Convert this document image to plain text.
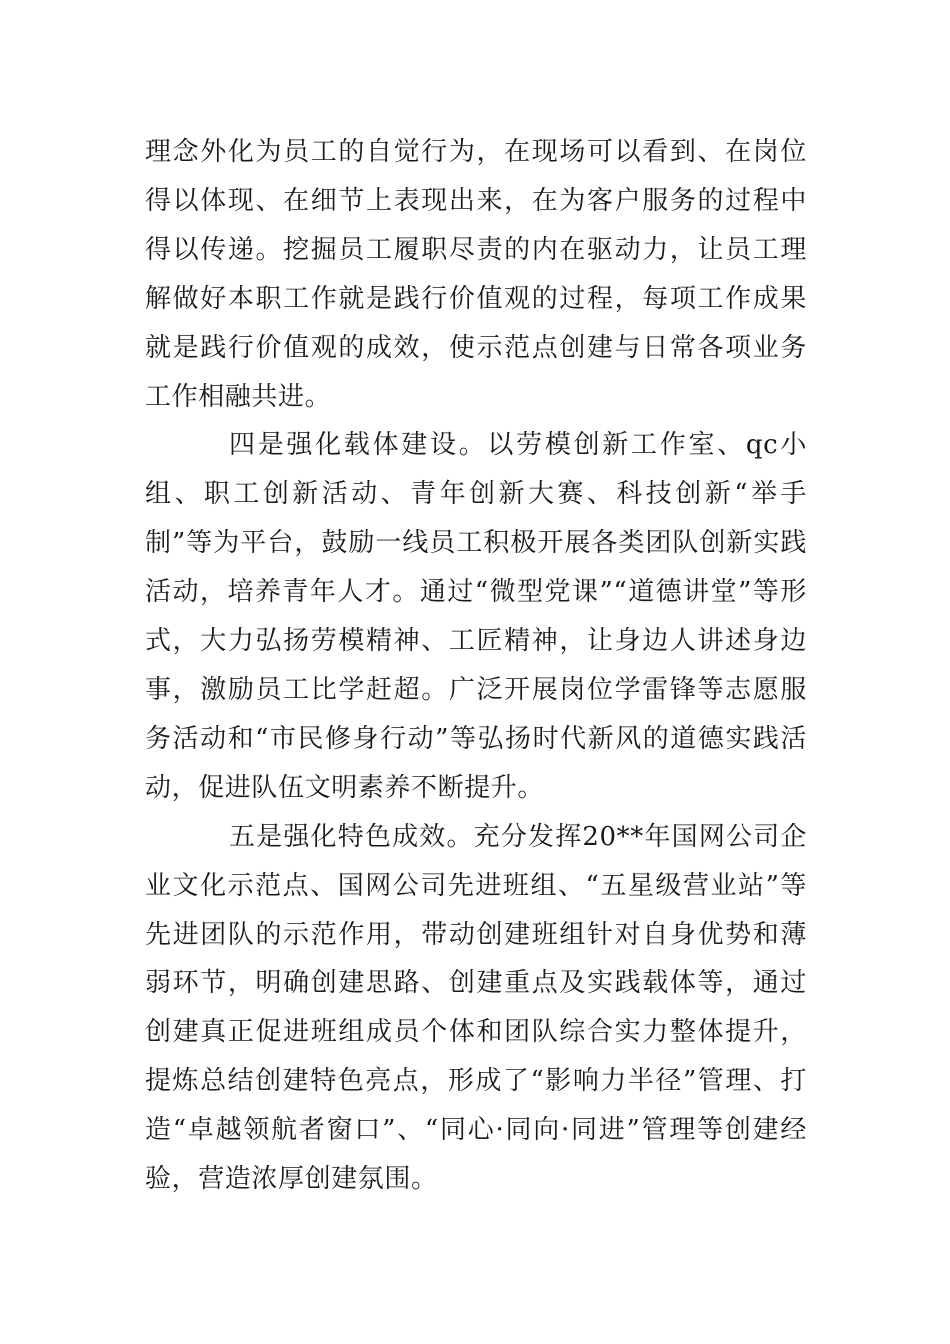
理念外化为员工的自觉行为，在现场可以看到、在岗位得以体现、在细节上表现出来，在为客户服务的过程中得以传递。挖掘员工履职尽责的内在驱动力，让员工理解做好本职工作就是践行价值观的过程，每项工作成果就是践行价值观的成效，使示范点创建与日常各项业务工作相融共进。

四是强化载体建设。以劳模创新工作室、qc小组、职工创新活动、青年创新大赛、科技创新“举手制”等为平台，鼓励一线员工积极开展各类团队创新实践活动，培养青年人才。通过“微型党课”“道德讲堂”等形式，大力弘扬劳模精神、工匠精神，让身边人讲述身边事，激励员工比学赶超。广泛开展岗位学雷锋等志愿服务活动和“市民修身行动”等弘扬时代新风的道德实践活动，促进队伍文明素养不断提升。

五是强化特色成效。充分发挥20**年国网公司企业文化示范点、国网公司先进班组、“五星级营业站”等先进团队的示范作用，带动创建班组针对自身优势和薄弱环节，明确创建思路、创建重点及实践载体等，通过创建真正促进班组成员个体和团队综合实力整体提升，提炼总结创建特色亮点，形成了“影响力半径”管理、打造“卓越领航者窗口”、“同心·同向·同进”管理等创建经验，营造浓厚创建氛围。
